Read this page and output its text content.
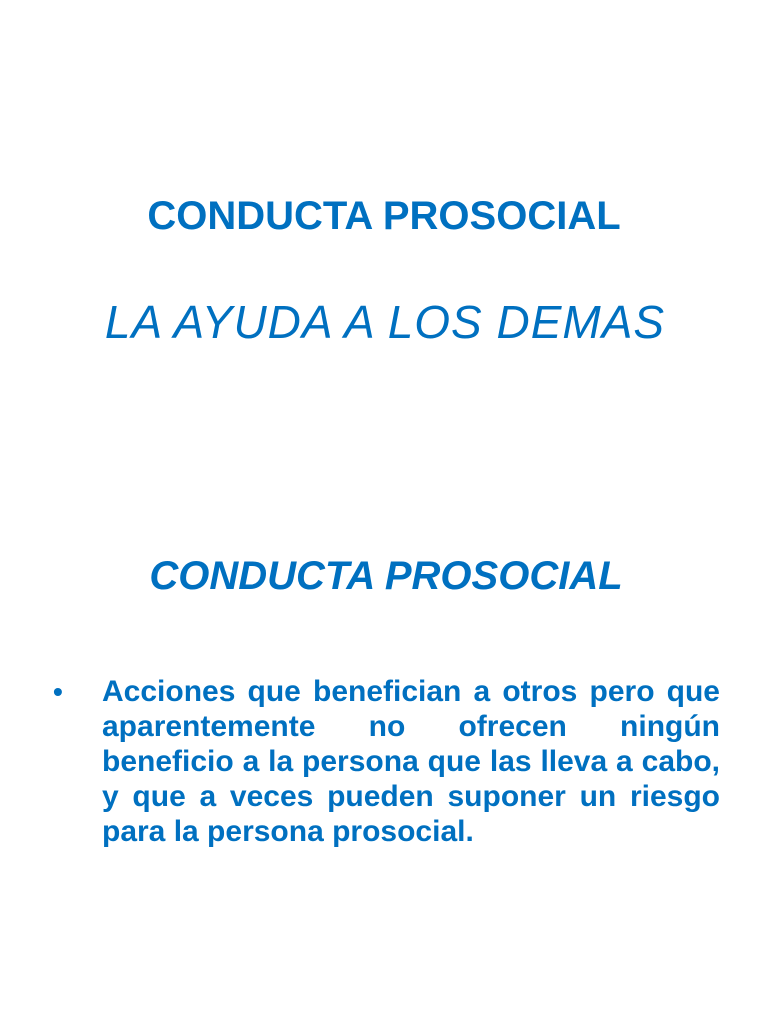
CONDUCTA PROSOCIAL
LA AYUDA A LOS DEMAS
CONDUCTA PROSOCIAL
• Acciones que benefician a otros pero que aparentemente no ofrecen ningún beneficio a la persona que las lleva a cabo, y que a veces pueden suponer un riesgo para la persona prosocial.
